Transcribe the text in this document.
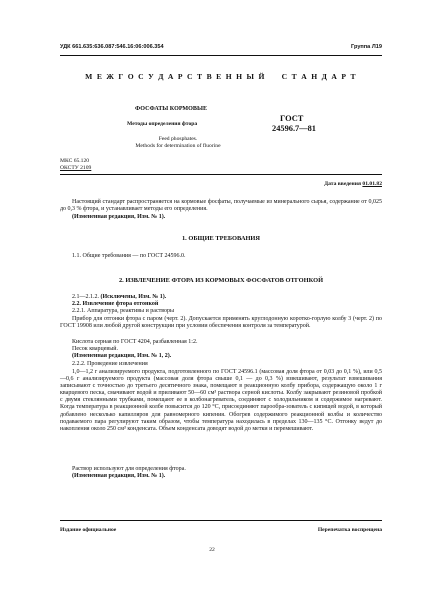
УДК 661.635:636.087:546.16:06:006.354	Группа Л19
М Е Ж Г О С У Д А Р С Т В Е Н Н Ы Й     С Т А Н Д А Р Т
ФОСФАТЫ КОРМОВЫЕ
Методы определения фтора
Feed phosphates.
Methods for determination of fluorine
ГОСТ
24596.7—81
МКС 65.120
ОКСТУ 2109
Дата введения 01.01.82
Настоящий стандарт распространяется на кормовые фосфаты, получаемые из минерального сырья, содержание от 0,025 до 0,3 % фтора, и устанавливает методы его определения.
(Измененная редакция, Изм. № 1).
1. ОБЩИЕ ТРЕБОВАНИЯ
1.1. Общие требования — по ГОСТ 24596.0.
2. ИЗВЛЕЧЕНИЕ ФТОРА ИЗ КОРМОВЫХ ФОСФАТОВ ОТГОНКОЙ
2.1—2.1.2. (Исключены, Изм. № 1).
2.2. Извлечение фтора отгонкой
2.2.1. Аппаратура, реактивы и растворы
Прибор для отгонки фтора с паром (черт. 2). Допускается применять круглодонную коротко-горлую колбу 3 (черт. 2) по ГОСТ 19908 или любой другой конструкции при условии обеспечения контроля за температурой.
Кислота серная по ГОСТ 4204, разбавленная 1:2.
Песок кварцевый.
(Измененная редакция, Изм. № 1, 2).
2.2.2. Проведение извлечения
1,0—1,2 г анализируемого продукта, подготовленного по ГОСТ 24596.1 (массовая доля фтора от 0,03 до 0,1 %), или 0,5—0,6 г анализируемого продукта (массовая доля фтора свыше 0,1 — до 0,3 %) взвешивают, результат взвешивания записывают с точностью до третьего десятичного знака, помещают в реакционную колбу прибора, содержащую около 1 г кварцевого песка, смачивают водой и приливают 50—60 см³ раствора серной кислоты. Колбу закрывают резиновой пробкой с двумя стеклянными трубками, помещают ее в колбонагреватель, соединяют с холодильником и содержимое нагревают. Когда температура в реакционной колбе повысится до 120 °С, присоединяют парообра-зователь с кипящей водой, в который добавлено несколько капилляров для равномерного кипения. Обогрев содержимого реакционной колбы и количество подаваемого пара регулируют таким образом, чтобы температура находилась в пределах 130—135 °С. Отгонку ведут до накопления около 250 см³ конденсата. Объем конденсата доводят водой до метки и перемешивают.
Раствор используют для определения фтора.
(Измененная редакция, Изм. № 1).
Издание официальное	Перепечатка воспрещена
22
